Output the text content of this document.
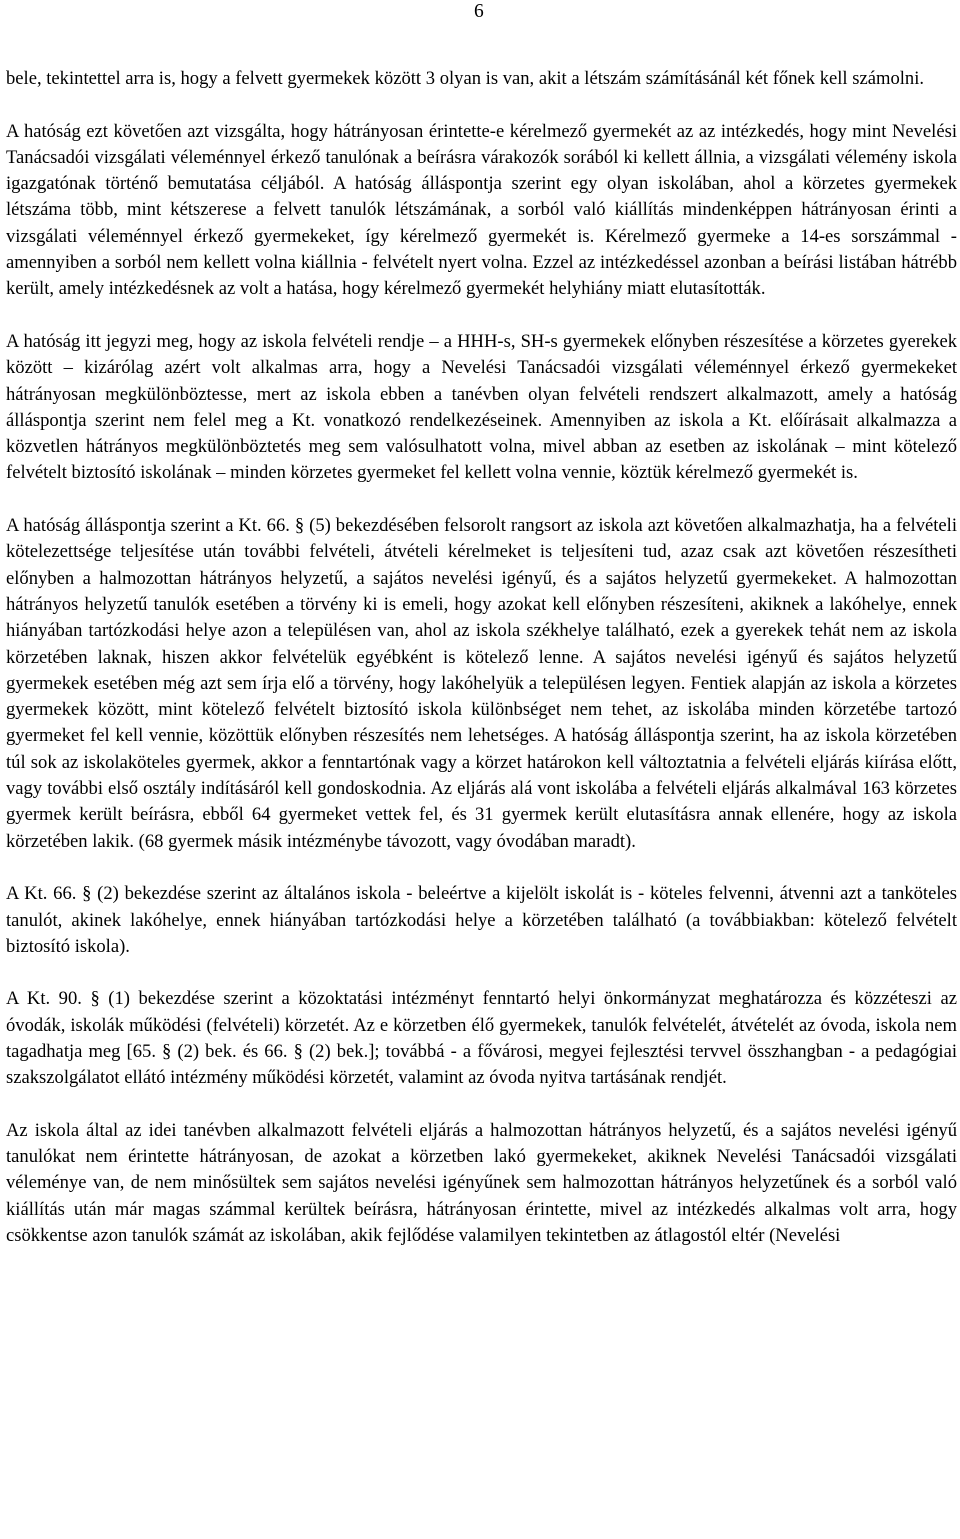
6

bele, tekintettel arra is, hogy a felvett gyermekek között 3 olyan is van, akit a létszám számításánál két főnek kell számolni.

A hatóság ezt követően azt vizsgálta, hogy hátrányosan érintette-e kérelmező gyermekét az az intézkedés, hogy mint Nevelési Tanácsadói vizsgálati véleménnyel érkező tanulónak a beírásra várakozók sorából ki kellett állnia, a vizsgálati vélemény iskola igazgatónak történő bemutatása céljából. A hatóság álláspontja szerint egy olyan iskolában, ahol a körzetes gyermekek létszáma több, mint kétszerese a felvett tanulók létszámának, a sorból való kiállítás mindenképpen hátrányosan érinti a vizsgálati véleménnyel érkező gyermekeket, így kérelmező gyermekét is. Kérelmező gyermeke a 14-es sorszámmal - amennyiben a sorból nem kellett volna kiállnia - felvételt nyert volna. Ezzel az intézkedéssel azonban a beírási listában hátrébb került, amely intézkedésnek az volt a hatása, hogy kérelmező gyermekét helyhiány miatt elutasították.

A hatóság itt jegyzi meg, hogy az iskola felvételi rendje – a HHH-s, SH-s gyermekek előnyben részesítése a körzetes gyerekek között – kizárólag azért volt alkalmas arra, hogy a Nevelési Tanácsadói vizsgálati véleménnyel érkező gyermekeket hátrányosan megkülönböztesse, mert az iskola ebben a tanévben olyan felvételi rendszert alkalmazott, amely a hatóság álláspontja szerint nem felel meg a Kt. vonatkozó rendelkezéseinek. Amennyiben az iskola a Kt. előírásait alkalmazza a közvetlen hátrányos megkülönböztetés meg sem valósulhatott volna, mivel abban az esetben az iskolának – mint kötelező felvételt biztosító iskolának – minden körzetes gyermeket fel kellett volna vennie, köztük kérelmező gyermekét is.

A hatóság álláspontja szerint a Kt. 66. § (5) bekezdésében felsorolt rangsort az iskola azt követően alkalmazhatja, ha a felvételi kötelezettsége teljesítése után további felvételi, átvételi kérelmeket is teljesíteni tud, azaz csak azt követően részesítheti előnyben a halmozottan hátrányos helyzetű, a sajátos nevelési igényű, és a sajátos helyzetű gyermekeket. A halmozottan hátrányos helyzetű tanulók esetében a törvény ki is emeli, hogy azokat kell előnyben részesíteni, akiknek a lakóhelye, ennek hiányában tartózkodási helye azon a településen van, ahol az iskola székhelye található, ezek a gyerekek tehát nem az iskola körzetében laknak, hiszen akkor felvételük egyébként is kötelező lenne. A sajátos nevelési igényű és sajátos helyzetű gyermekek esetében még azt sem írja elő a törvény, hogy lakóhelyük a településen legyen. Fentiek alapján az iskola a körzetes gyermekek között, mint kötelező felvételt biztosító iskola különbséget nem tehet, az iskolába minden körzetébe tartozó gyermeket fel kell vennie, közöttük előnyben részesítés nem lehetséges. A hatóság álláspontja szerint, ha az iskola körzetében túl sok az iskolaköteles gyermek, akkor a fenntartónak vagy a körzet határokon kell változtatnia a felvételi eljárás kiírása előtt, vagy további első osztály indításáról kell gondoskodnia. Az eljárás alá vont iskolába a felvételi eljárás alkalmával 163 körzetes gyermek került beírásra, ebből 64 gyermeket vettek fel, és 31 gyermek került elutasításra annak ellenére, hogy az iskola körzetében lakik. (68 gyermek másik intézménybe távozott, vagy óvodában maradt).

A Kt. 66. § (2) bekezdése szerint az általános iskola - beleértve a kijelölt iskolát is - köteles felvenni, átvenni azt a tanköteles tanulót, akinek lakóhelye, ennek hiányában tartózkodási helye a körzetében található (a továbbiakban: kötelező felvételt biztosító iskola).

A Kt. 90. § (1) bekezdése szerint a közoktatási intézményt fenntartó helyi önkormányzat meghatározza és közzéteszi az óvodák, iskolák működési (felvételi) körzetét. Az e körzetben élő gyermekek, tanulók felvételét, átvételét az óvoda, iskola nem tagadhatja meg [65. § (2) bek. és 66. § (2) bek.]; továbbá - a fővárosi, megyei fejlesztési tervvel összhangban - a pedagógiai szakszolgálatot ellátó intézmény működési körzetét, valamint az óvoda nyitva tartásának rendjét.

Az iskola által az idei tanévben alkalmazott felvételi eljárás a halmozottan hátrányos helyzetű, és a sajátos nevelési igényű tanulókat nem érintette hátrányosan, de azokat a körzetben lakó gyermekeket, akiknek Nevelési Tanácsadói vizsgálati véleménye van, de nem minősültek sem sajátos nevelési igényűnek sem halmozottan hátrányos helyzetűnek és a sorból való kiállítás után már magas számmal kerültek beírásra, hátrányosan érintette, mivel az intézkedés alkalmas volt arra, hogy csökkentse azon tanulók számát az iskolában, akik fejlődése valamilyen tekintetben az átlagostól eltér (Nevelési
